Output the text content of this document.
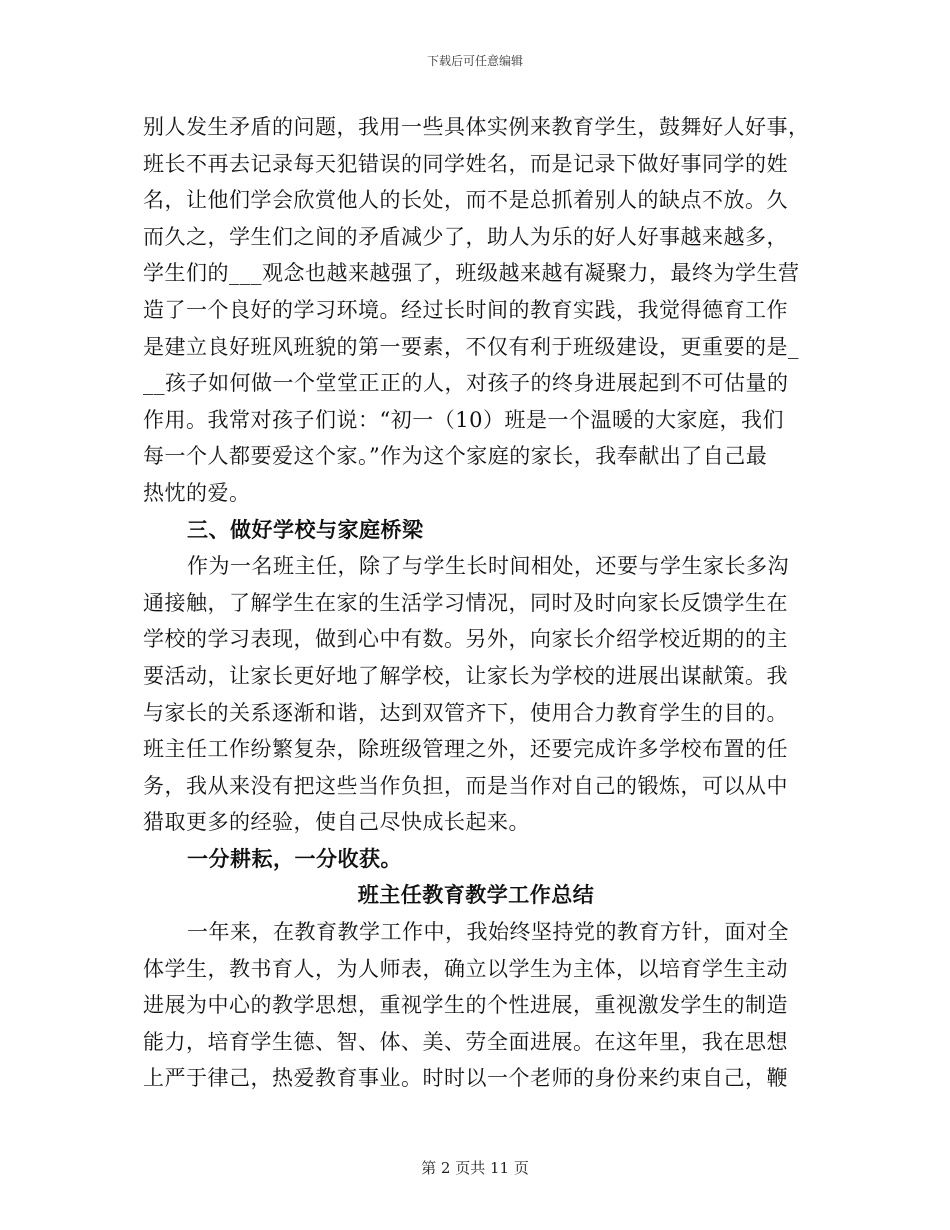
下载后可任意编辑
别人发生矛盾的问题，我用一些具体实例来教育学生，鼓舞好人好事，
班长不再去记录每天犯错误的同学姓名，而是记录下做好事同学的姓
名，让他们学会欣赏他人的长处，而不是总抓着别人的缺点不放。久
而久之，学生们之间的矛盾减少了，助人为乐的好人好事越来越多，
学生们的___观念也越来越强了，班级越来越有凝聚力，最终为学生营
造了一个良好的学习环境。经过长时间的教育实践，我觉得德育工作
是建立良好班风班貌的第一要素，不仅有利于班级建设，更重要的是_
__孩子如何做一个堂堂正正的人，对孩子的终身进展起到不可估量的
作用。我常对孩子们说：“初一（10）班是一个温暖的大家庭，我们
每一个人都要爱这个家。”作为这个家庭的家长，我奉献出了自己最
热忱的爱。
三、做好学校与家庭桥梁
作为一名班主任，除了与学生长时间相处，还要与学生家长多沟
通接触，了解学生在家的生活学习情况，同时及时向家长反馈学生在
学校的学习表现，做到心中有数。另外，向家长介绍学校近期的的主
要活动，让家长更好地了解学校，让家长为学校的进展出谋献策。我
与家长的关系逐渐和谐，达到双管齐下，使用合力教育学生的目的。
班主任工作纷繁复杂，除班级管理之外，还要完成许多学校布置的任
务，我从来没有把这些当作负担，而是当作对自己的锻炼，可以从中
猎取更多的经验，使自己尽快成长起来。
一分耕耘，一分收获。
班主任教育教学工作总结
一年来，在教育教学工作中，我始终坚持党的教育方针，面对全
体学生，教书育人，为人师表，确立以学生为主体，以培育学生主动
进展为中心的教学思想，重视学生的个性进展，重视激发学生的制造
能力，培育学生德、智、体、美、劳全面进展。在这年里，我在思想
上严于律己，热爱教育事业。时时以一个老师的身份来约束自己，鞭
第 2 页共 11 页
